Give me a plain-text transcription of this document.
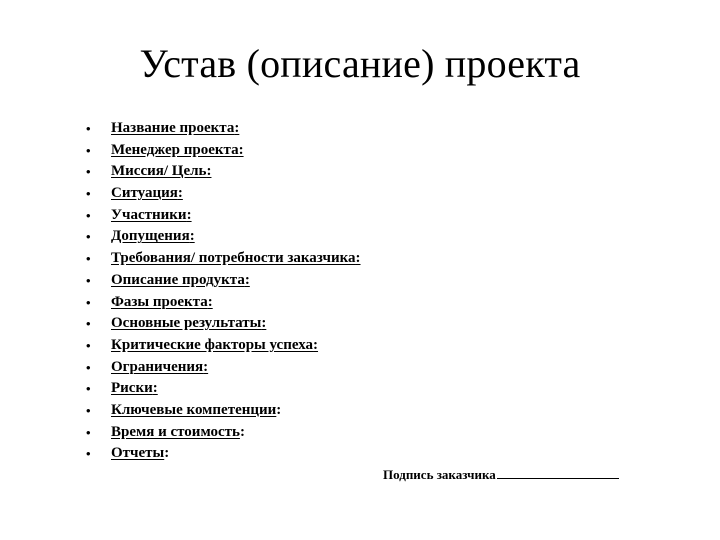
Устав (описание) проекта
•	Название проекта:
•	Менеджер проекта:
•	Миссия/ Цель:
•	Ситуация:
•	Участники:
•	Допущения:
•	Требования/ потребности заказчика:
•	Описание продукта:
•	Фазы проекта:
•	Основные результаты:
•	Критические факторы успеха:
•	Ограничения:
•	Риски:
•	Ключевые компетенции:
•	Время и стоимость:
•	Отчеты:
Подпись заказчика
